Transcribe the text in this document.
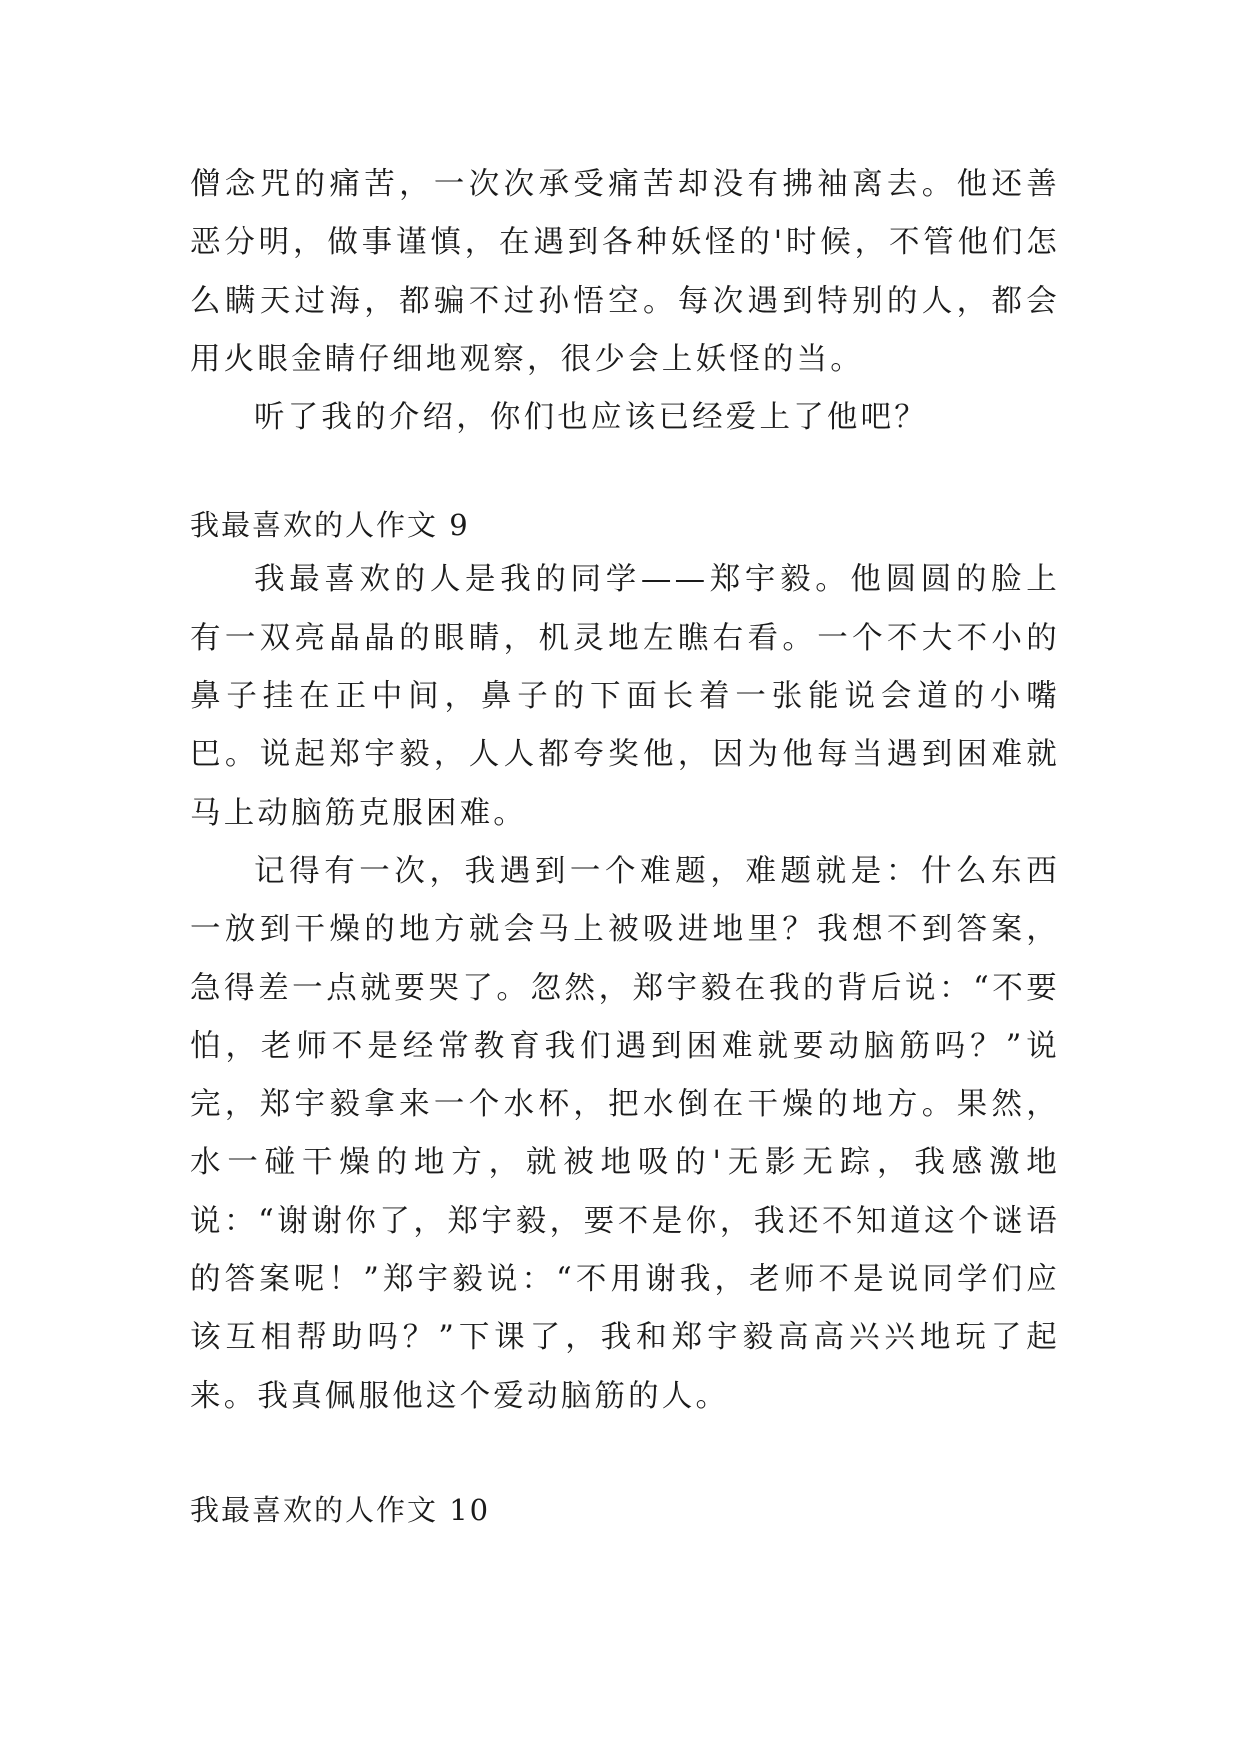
僧念咒的痛苦，一次次承受痛苦却没有拂袖离去。他还善恶分明，做事谨慎，在遇到各种妖怪的'时候，不管他们怎么瞒天过海，都骗不过孙悟空。每次遇到特别的人，都会用火眼金睛仔细地观察，很少会上妖怪的当。

听了我的介绍，你们也应该已经爱上了他吧？

我最喜欢的人作文 9

我最喜欢的人是我的同学——郑宇毅。他圆圆的脸上有一双亮晶晶的眼睛，机灵地左瞧右看。一个不大不小的鼻子挂在正中间，鼻子的下面长着一张能说会道的小嘴巴。说起郑宇毅，人人都夸奖他，因为他每当遇到困难就马上动脑筋克服困难。

记得有一次，我遇到一个难题，难题就是：什么东西一放到干燥的地方就会马上被吸进地里？我想不到答案，急得差一点就要哭了。忽然，郑宇毅在我的背后说：“不要怕，老师不是经常教育我们遇到困难就要动脑筋吗？”说完，郑宇毅拿来一个水杯，把水倒在干燥的地方。果然，水一碰干燥的地方，就被地吸的'无影无踪，我感激地说：“谢谢你了，郑宇毅，要不是你，我还不知道这个谜语的答案呢！”郑宇毅说：“不用谢我，老师不是说同学们应该互相帮助吗？”下课了，我和郑宇毅高高兴兴地玩了起来。我真佩服他这个爱动脑筋的人。

我最喜欢的人作文 10
